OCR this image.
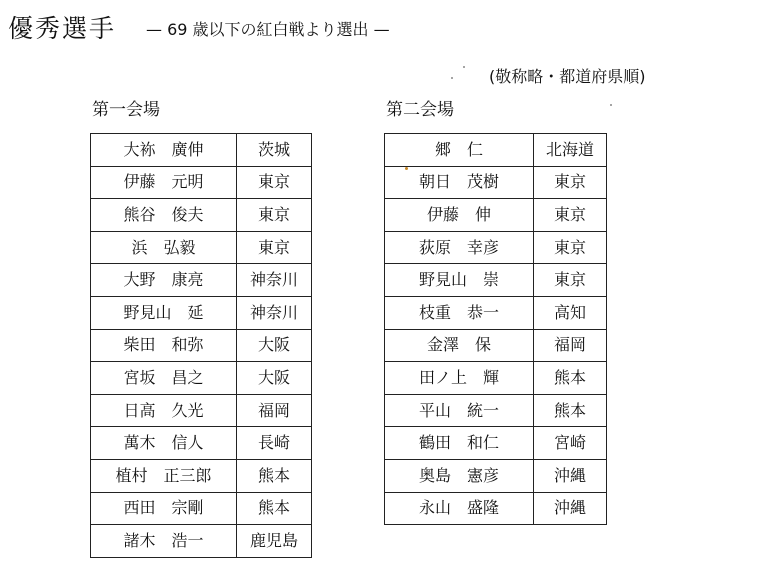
優秀選手 — 69 歳以下の紅白戦より選出 —
(敬称略・都道府県順)
第一会場	第二会場
大袮　廣伸	茨城
伊藤　元明	東京
熊谷　俊夫	東京
浜　弘毅	東京
大野　康亮	神奈川
野見山　延	神奈川
柴田　和弥	大阪
宮坂　昌之	大阪
日高　久光	福岡
萬木　信人	長崎
植村　正三郎	熊本
西田　宗剛	熊本
諸木　浩一	鹿児島
郷　仁	北海道
朝日　茂樹	東京
伊藤　伸	東京
荻原　幸彦	東京
野見山　崇	東京
枝重　恭一	高知
金澤　保	福岡
田ノ上　輝	熊本
平山　統一	熊本
鶴田　和仁	宮崎
奥島　憲彦	沖縄
永山　盛隆	沖縄
